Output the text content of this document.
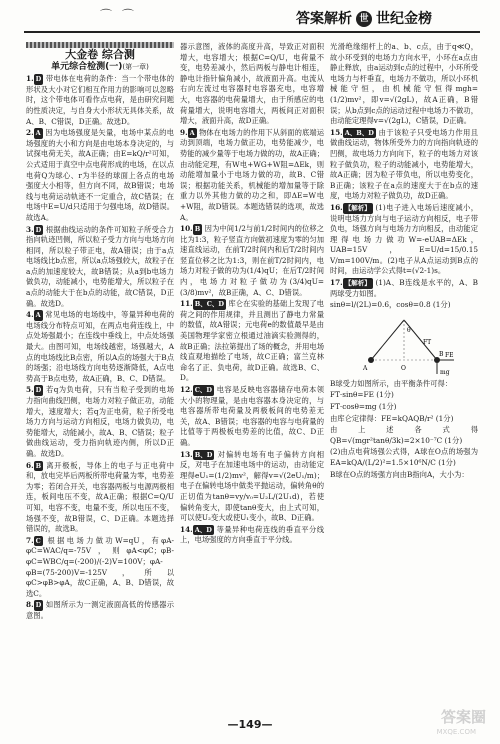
⌒ ⌒	答案解析 世 世纪金榜
大金卷 综合测
单元综合检测(一)(第一章)
1. D 带电体在电荷的条件：当一个带电体的形状及大小对它们相互作用力的影响可以忽略时，这个带电体可看作点电荷，是由研究问题的性质决定，与自身大小形状无具体关系，故A、B、C错误，D正确。故选D。
2. A 因为电场强度是矢量，电场中某点的电场强度的大小和方向是由电场本身决定的，与试探电荷无关，故A正确；由E=kQ/r²可知，公式适用于真空中点电荷形成的电场，在以点电荷Q为球心、r为半径的球面上各点的电场强度大小相等，但方向不同，故B错误；电场线与电荷运动轨迹不一定重合，故C错误；在电场中E=U/d只适用于匀强电场，故D错误。故选A。
3. D 根据曲线运动的条件可知粒子所受合力指向轨迹凹侧，所以粒子受力方向与电场方向相同，所以粒子带正电，故A错误；由于a点电场线比b点密，所以a点场强较大，故粒子在a点的加速度较大，故B错误；从a到b电场力做负功，动能减小，电势能增大，所以粒子在a点的动能大于在b点的动能，故C错误，D正确。故选D。
4. A 常见电场的电场线中，等量异种电荷的电场线分布特点可知，在两点电荷连线上，中点处场强最小；在连线中垂线上，中点处场强最大。由图可知，电场线越密，场强越大，A点的电场线比B点密，所以A点的场强大于B点的场强；沿电场线方向电势逐渐降低，A点电势高于B点电势，故A正确，B、C、D错误。
5. D 若q为负电荷，只有当粒子受到的电场力指向曲线凹侧，电场力对粒子做正功，动能增大，速度增大；若q为正电荷，粒子所受电场力方向与运动方向相反，电场力做负功，电势能增大，动能减小，故A、B、C错误；粒子做曲线运动，受力指向轨迹内侧，所以D正确。故选D。
6. B 离开极板，导体上的电子与正电荷中和，放电完毕后两板所带电荷量为零，电势差为零；若闭合开关，电容器两板与电源两极相连，板间电压不变，故A正确；根据C=Q/U可知，电容不变，电量不变，所以电压不变，场强不变，故B错误，C、D正确。本题选择错误的，故选B。
7. C 根据电场力做功W=qU，有φA-φC=WAC/q=-75V，则φA<φC；φB-φC=WBC/q=(-200)/(-2)V=100V；φA-φB=(75-200)V=-125V，所以φC>φB>φA，故C正确，A、B、D错误，故选C。
8. D 如图所示为一测定液面高低的传感器示意图。
器示意图，液体的高度升高，导致正对面积增大，电容增大；根据C=Q/U，电荷量不变，电势差减小，然后两板与静电计相连，静电计指针偏角减小，故液面升高。电流从右向左流过电容器时电容器充电，电容增大，电容器的电荷量增大，由于所感应的电荷量增大，说明电容增大，两板间正对面积增大，液面升高，故D正确。
9. A 物体在电场力的作用下从斜面的底端运动到顶端，电场力做正功，电势能减少，电势能的减少量等于电场力做的功，故A正确；由动能定理，有W电+WG+W阻=ΔEk，则动能增加量小于电场力做的功，故B、C错误；根据功能关系，机械能的增加量等于除重力以外其他力做的功之和，即ΔE=W电+W阻，故D错误。本题选错误的选项，故选A。
10. B 因为中间1/2与前1/2时间内的位移之比为1:3，粒子竖直方向做初速度为零的匀加速直线运动，在前T/2时间内和后T/2时间内竖直位移之比为1:3，则在前T/2时间内，电场力对粒子做的功为(1/4)qU；在后T/2时间内，电场力对粒子做功为(3/4)qU=(3/8)mv²，故B正确，A、C、D错误。
11. B、C、D 库仑在实验的基础上发现了电荷之间的作用规律，并且测出了静电力常量的数值，故A错误；元电荷e的数值最早是由美国物理学家密立根通过油滴实验测得的，故B正确；法拉第提出了场的概念，并用电场线直观地描绘了电场，故C正确；富兰克林命名了正、负电荷，故D正确。故选B、C、D。
12. C、D 电容是反映电容器储存电荷本领大小的物理量，是由电容器本身决定的，与电容器所带电荷量及两极板间的电势差无关，故A、B错误；电容器的电容与电荷量的比值等于两极板电势差的比值，故C、D正确。
13. B、D 对偏转电场有电子偏转方向相反，对电子在加速电场中的运动，由动能定理得eU₁=(1/2)mv²，解得v=√(2eU₁/m)；电子在偏转电场中做类平抛运动，偏转角θ的正切值为tanθ=vy/v₀=U₂L/(2U₁d)，若使偏转角变大，即使tanθ变大，由上式可知，可以使U₂变大或使U₁变小，故B、D正确。
14. A、D 等量异种电荷连线的垂直平分线上，电场强度的方向垂直于平分线。
光滑绝缘细杆上的a、b、c点，由于q≪Q，故小环受到的电场力方向水平，小环在a点由静止释放，由a运动到c点的过程中，小环所受电场力与杆垂直，电场力不做功，所以小环机械能守恒，由机械能守恒得mgh=(1/2)mv²，即v=√(2gL)，故A正确，B错误；从b点到c点的运动过程中电场力不做功，由动能定理得v=√(2gL)，C错误，D正确。
15. A、B、D 由于该粒子只受电场力作用且做曲线运动，物体所受外力的方向指向轨迹的凹侧，故电场力方向向下，粒子的电场力对该粒子做负功，粒子的动能减小，电势能增大，故A正确；因为粒子带负电，所以电势变化，B正确；该粒子在a点的速度大于在b点的速度，电场力对粒子做负功，故D正确。
16. 【解析】 (1)电子进入电场后速度减小，说明电场力方向与电子运动方向相反，电子带负电，场强方向与电场力方向相反，由动能定理得电场力做功W=-eUAB=ΔEk，UAB=15V，E=U/d=15/0.15 V/m=100V/m。(2)电子从A点运动到B点的时间，由运动学公式得t=(√2-1)s。
17. 【解析】 (1)A、B连线是水平的，A、B两球受力如图。
sinθ=l/(2L)=0.6，cosθ=0.8 (1分)
A
B
O
θ
FT
FE
mg
B球受力如图所示，由平衡条件可得：
FT·sinθ=FE (1分)
FT·cosθ=mg (1分)
由库仑定律得：FE=kQAQB/r² (1分)
由上述各式得QB=√(mgr²tanθ/3k)=2×10⁻⁷C (1分)
(2)由点电荷场强公式得，A球在O点的场强为EA=kQA/(L/2)²=1.5×10⁶N/C (1分)
B球在O点的场强方向由B指向A，大小为：
—149—	答案圈
MXQE.COM
